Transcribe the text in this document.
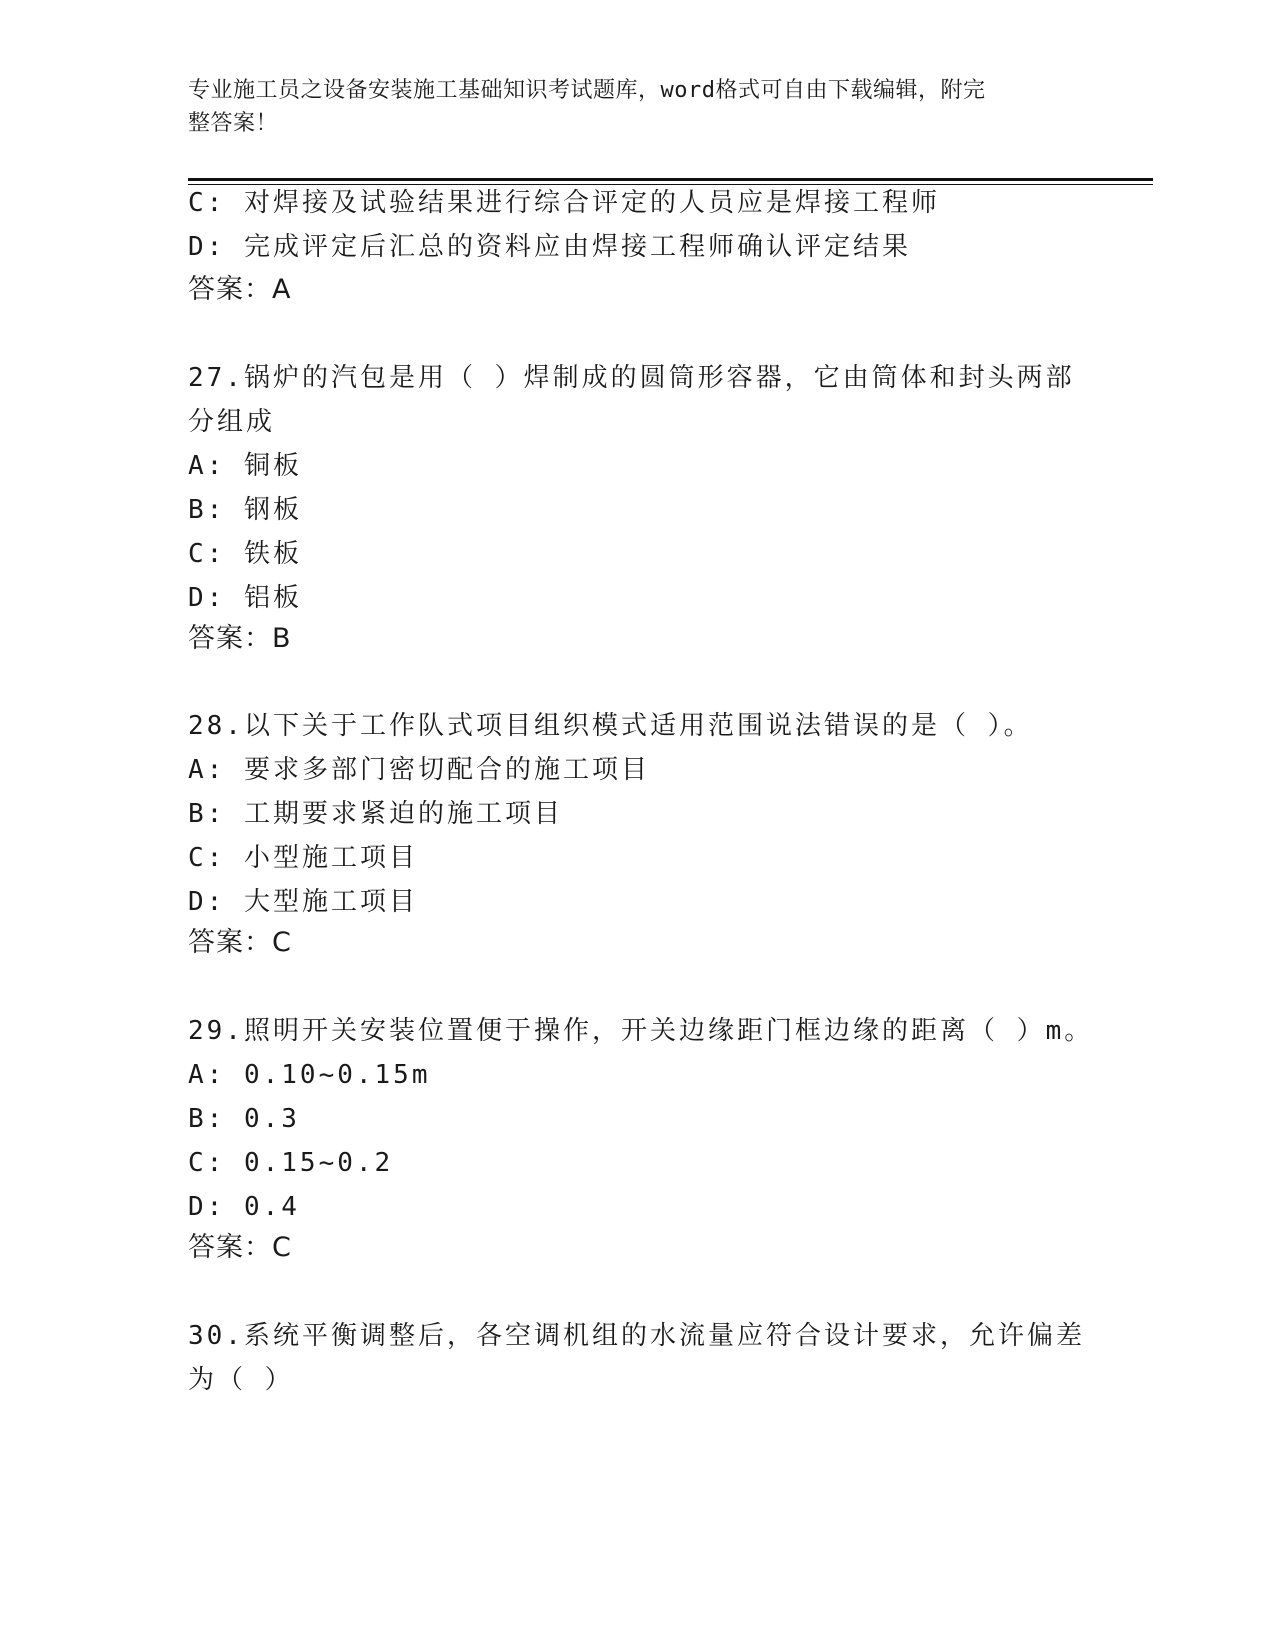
专业施工员之设备安装施工基础知识考试题库，word格式可自由下载编辑，附完
整答案！
C: 对焊接及试验结果进行综合评定的人员应是焊接工程师
D: 完成评定后汇总的资料应由焊接工程师确认评定结果
答案：A
27.锅炉的汽包是用（ ）焊制成的圆筒形容器，它由筒体和封头两部
分组成
A: 铜板
B: 钢板
C: 铁板
D: 铝板
答案：B
28.以下关于工作队式项目组织模式适用范围说法错误的是（ ）。
A: 要求多部门密切配合的施工项目
B: 工期要求紧迫的施工项目
C: 小型施工项目
D: 大型施工项目
答案：C
29.照明开关安装位置便于操作，开关边缘距门框边缘的距离（ ）m。
A: 0.10~0.15m
B: 0.3
C: 0.15~0.2
D: 0.4
答案：C
30.系统平衡调整后，各空调机组的水流量应符合设计要求，允许偏差
为（ ）
